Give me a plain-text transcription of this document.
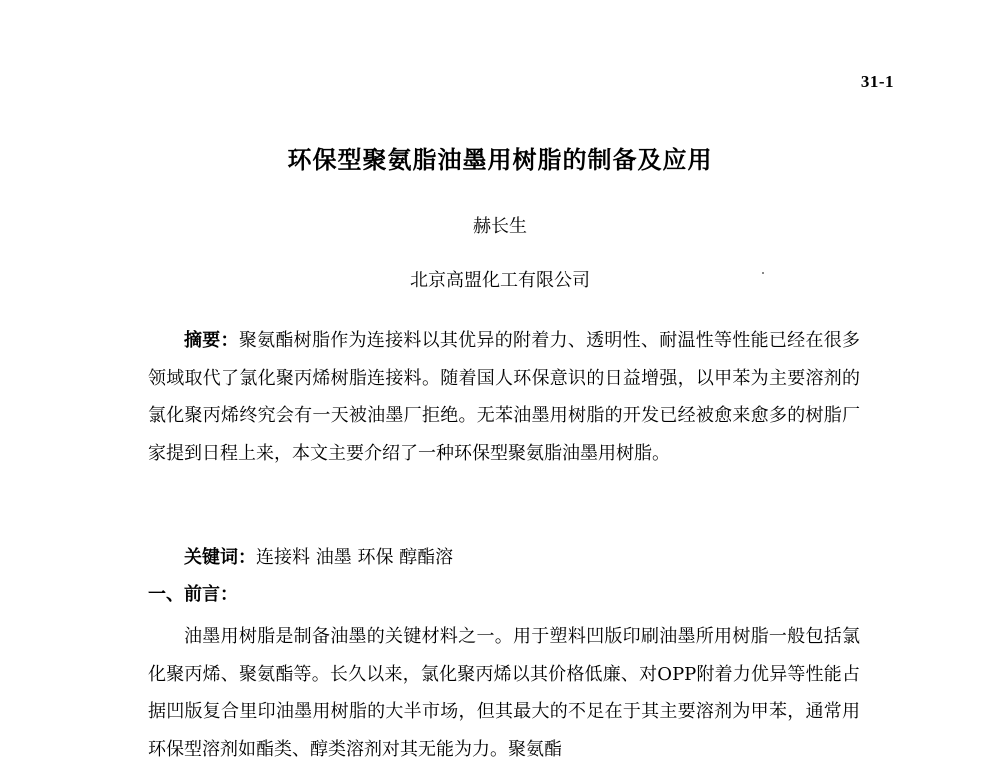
31-1
环保型聚氨脂油墨用树脂的制备及应用
赫长生
北京高盟化工有限公司

摘要：聚氨酯树脂作为连接料以其优异的附着力、透明性、耐温性等性能已经在很多领域取代了氯化聚丙烯树脂连接料。随着国人环保意识的日益增强，以甲苯为主要溶剂的氯化聚丙烯终究会有一天被油墨厂拒绝。无苯油墨用树脂的开发已经被愈来愈多的树脂厂家提到日程上来，本文主要介绍了一种环保型聚氨脂油墨用树脂。

关键词：连接料 油墨 环保 醇酯溶

一、前言：

油墨用树脂是制备油墨的关键材料之一。用于塑料凹版印刷油墨所用树脂一般包括氯化聚丙烯、聚氨酯等。长久以来，氯化聚丙烯以其价格低廉、对OPP附着力优异等性能占据凹版复合里印油墨用树脂的大半市场，但其最大的不足在于其主要溶剂为甲苯，通常用环保型溶剂如酯类、醇类溶剂对其无能为力。聚氨酯
